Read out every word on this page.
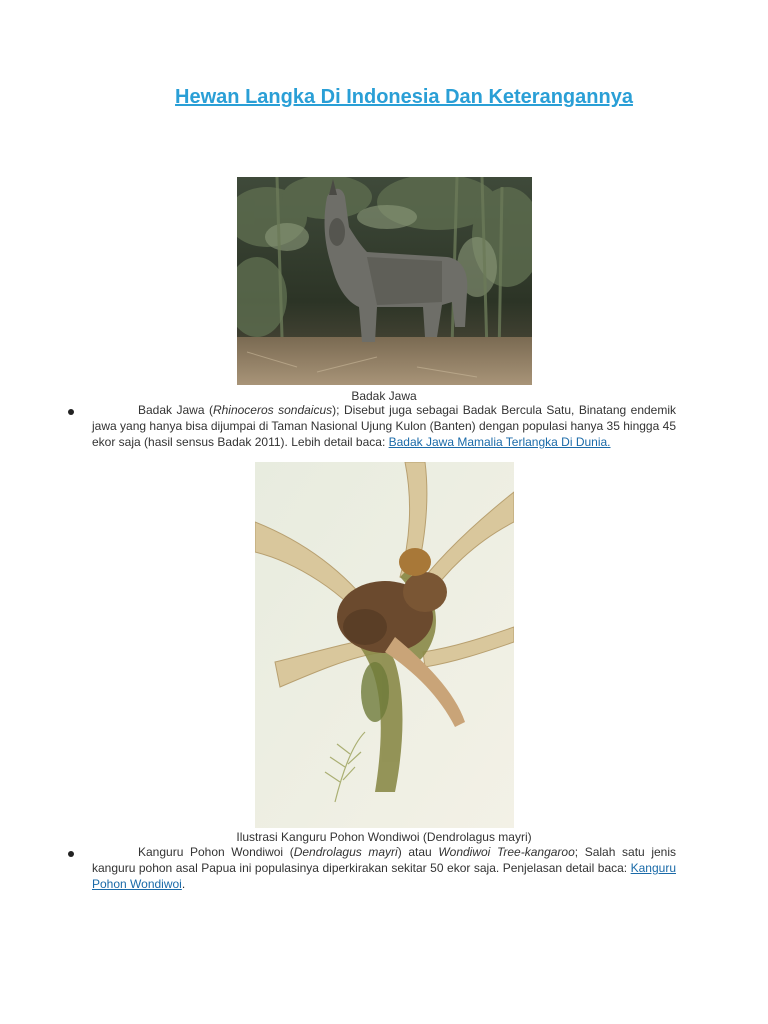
Hewan Langka Di Indonesia Dan Keterangannya
Badak Jawa
Badak Jawa (Rhinoceros sondaicus); Disebut juga sebagai Badak Bercula Satu, Binatang endemik jawa yang hanya bisa dijumpai di Taman Nasional Ujung Kulon (Banten) dengan populasi hanya 35 hingga 45 ekor saja (hasil sensus Badak 2011). Lebih detail baca: Badak Jawa Mamalia Terlangka Di Dunia.
Ilustrasi Kanguru Pohon Wondiwoi (Dendrolagus mayri)
Kanguru Pohon Wondiwoi (Dendrolagus mayri) atau Wondiwoi Tree-kangaroo; Salah satu jenis kanguru pohon asal Papua ini populasinya diperkirakan sekitar 50 ekor saja. Penjelasan detail baca: Kanguru Pohon Wondiwoi.
